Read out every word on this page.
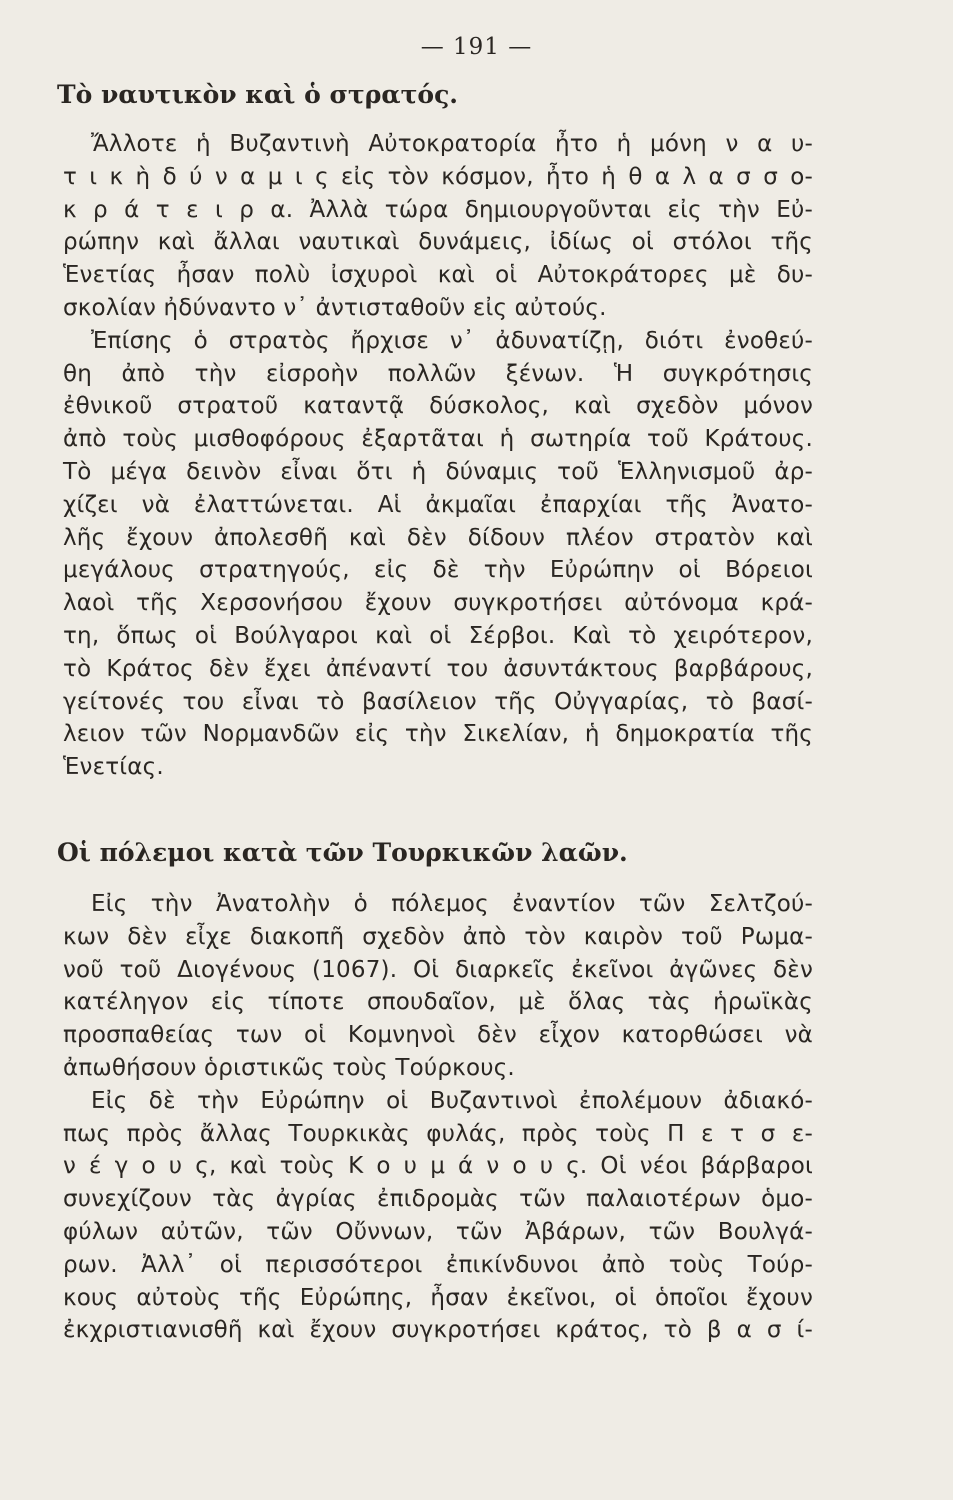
— 191 —
Τὸ ναυτικὸν καὶ ὁ στρατός.
Ἄλλοτε ἡ Βυζαντινὴ Αὐτοκρατορία ἦτο ἡ μόνη ν α υ-
τ ι κ ὴ δ ύ ν α μ ι ς εἰς τὸν κόσμον, ἦτο ἡ θ α λ α σ σ ο-
κ ρ ά τ ε ι ρ α. Ἀλλὰ τώρα δημιουργοῦνται εἰς τὴν Εὐ-
ρώπην καὶ ἄλλαι ναυτικαὶ δυνάμεις, ἰδίως οἱ στόλοι τῆς
Ἑνετίας ἦσαν πολὺ ἰσχυροὶ καὶ οἱ Αὐτοκράτορες μὲ δυ-
σκολίαν ἠδύναντο ν᾽ ἀντισταθοῦν εἰς αὐτούς.
Ἐπίσης ὁ στρατὸς ἤρχισε ν᾽ ἀδυνατίζῃ, διότι ἐνοθεύ-
θη ἀπὸ τὴν εἰσροὴν πολλῶν ξένων. Ἡ συγκρότησις
ἐθνικοῦ στρατοῦ καταντᾷ δύσκολος, καὶ σχεδὸν μόνον
ἀπὸ τοὺς μισθοφόρους ἐξαρτᾶται ἡ σωτηρία τοῦ Κράτους.
Τὸ μέγα δεινὸν εἶναι ὅτι ἡ δύναμις τοῦ Ἑλληνισμοῦ ἀρ-
χίζει νὰ ἐλαττώνεται. Αἱ ἀκμαῖαι ἐπαρχίαι τῆς Ἀνατο-
λῆς ἔχουν ἀπολεσθῆ καὶ δὲν δίδουν πλέον στρατὸν καὶ
μεγάλους στρατηγούς, εἰς δὲ τὴν Εὐρώπην οἱ Βόρειοι
λαοὶ τῆς Χερσονήσου ἔχουν συγκροτήσει αὐτόνομα κρά-
τη, ὅπως οἱ Βούλγαροι καὶ οἱ Σέρβοι. Καὶ τὸ χειρότερον,
τὸ Κράτος δὲν ἔχει ἀπέναντί του ἀσυντάκτους βαρβάρους,
γείτονές του εἶναι τὸ βασίλειον τῆς Οὐγγαρίας, τὸ βασί-
λειον τῶν Νορμανδῶν εἰς τὴν Σικελίαν, ἡ δημοκρατία τῆς
Ἑνετίας.
Οἱ πόλεμοι κατὰ τῶν Τουρκικῶν λαῶν.
Εἰς τὴν Ἀνατολὴν ὁ πόλεμος ἐναντίον τῶν Σελτζού-
κων δὲν εἶχε διακοπῆ σχεδὸν ἀπὸ τὸν καιρὸν τοῦ Ρωμα-
νοῦ τοῦ Διογένους (1067). Οἱ διαρκεῖς ἐκεῖνοι ἀγῶνες δὲν
κατέληγον εἰς τίποτε σπουδαῖον, μὲ ὅλας τὰς ἡρωϊκὰς
προσπαθείας των οἱ Κομνηνοὶ δὲν εἶχον κατορθώσει νὰ
ἀπωθήσουν ὁριστικῶς τοὺς Τούρκους.
Εἰς δὲ τὴν Εὐρώπην οἱ Βυζαντινοὶ ἐπολέμουν ἀδιακό-
πως πρὸς ἄλλας Τουρκικὰς φυλάς, πρὸς τοὺς Π ε τ σ ε-
ν έ γ ο υ ς, καὶ τοὺς Κ ο υ μ ά ν ο υ ς. Οἱ νέοι βάρβαροι
συνεχίζουν τὰς ἀγρίας ἐπιδρομὰς τῶν παλαιοτέρων ὁμο-
φύλων αὐτῶν, τῶν Οὔννων, τῶν Ἀβάρων, τῶν Βουλγά-
ρων. Ἀλλ᾽ οἱ περισσότεροι ἐπικίνδυνοι ἀπὸ τοὺς Τούρ-
κους αὐτοὺς τῆς Εὐρώπης, ἦσαν ἐκεῖνοι, οἱ ὁποῖοι ἔχουν
ἐκχριστιανισθῆ καὶ ἔχουν συγκροτήσει κράτος, τὸ β α σ ί-
